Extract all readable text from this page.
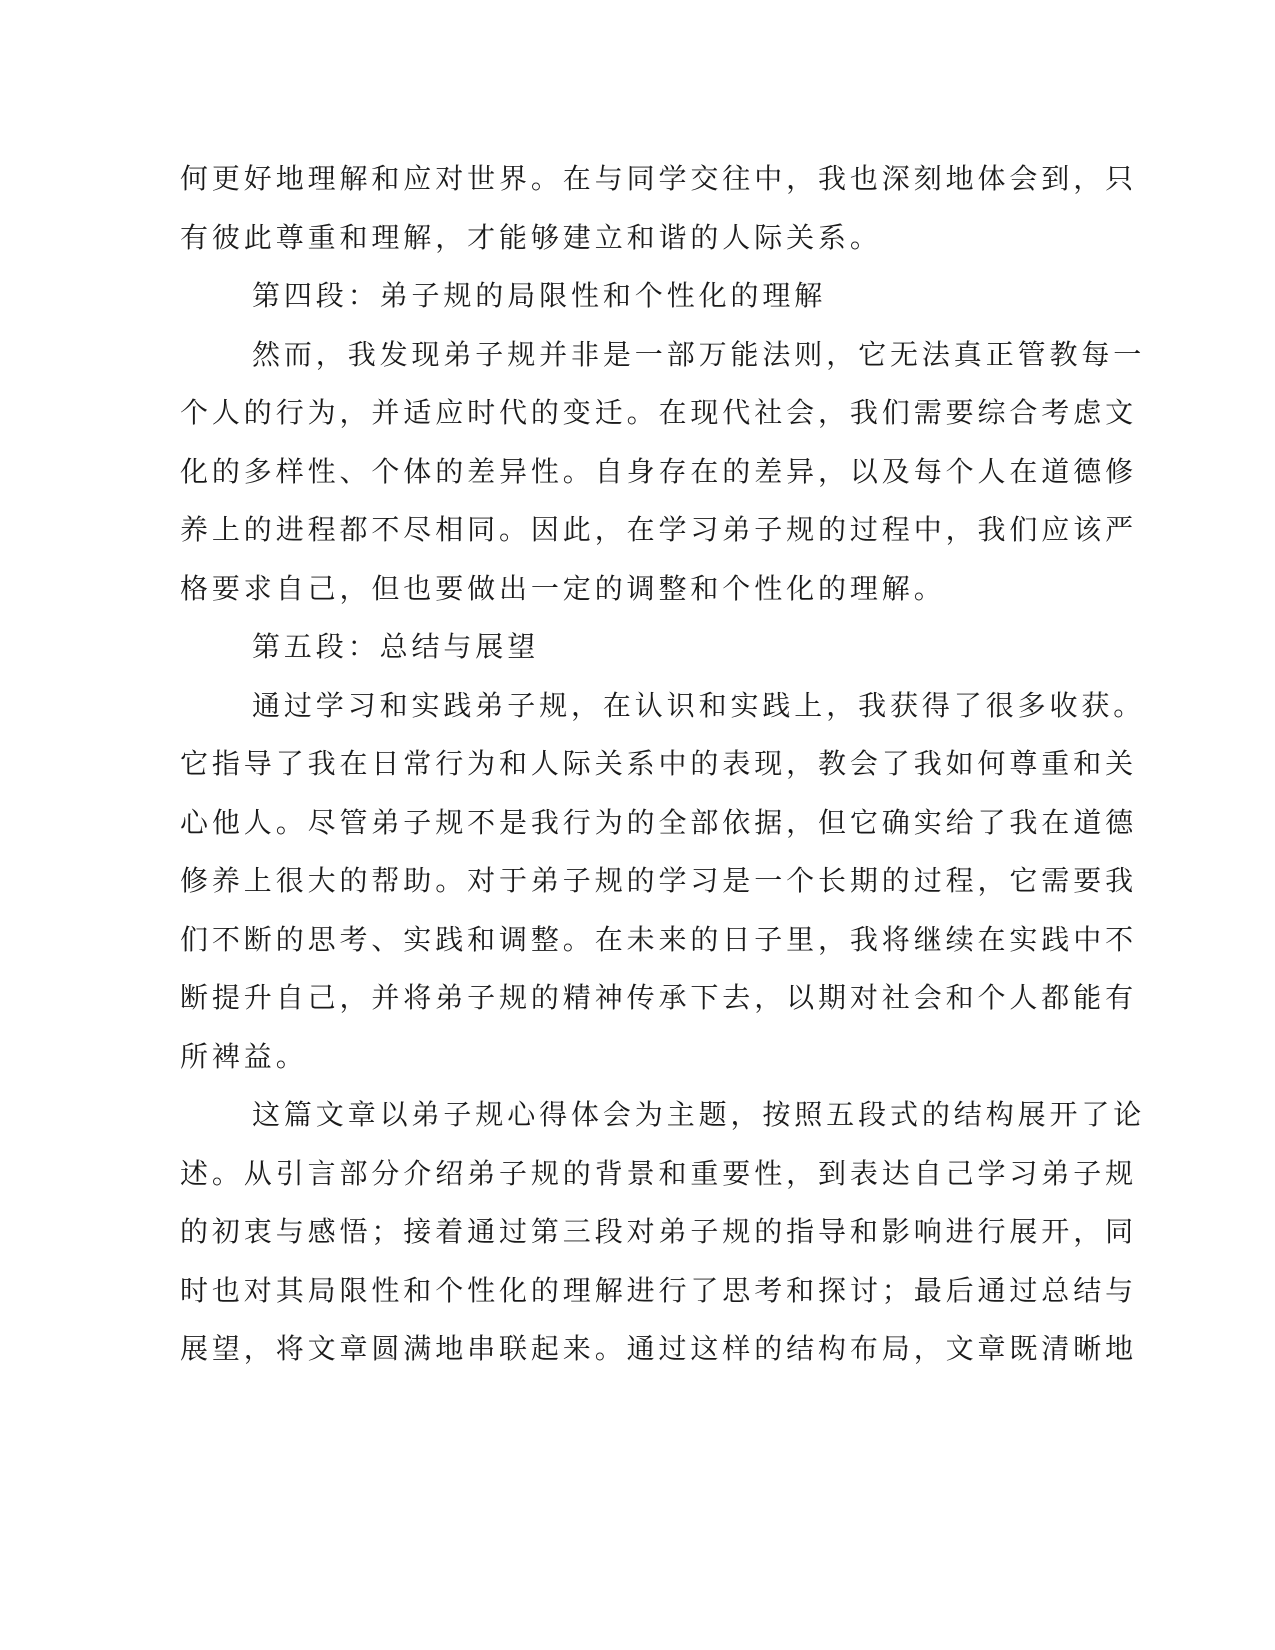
何更好地理解和应对世界。在与同学交往中，我也深刻地体会到，只
有彼此尊重和理解，才能够建立和谐的人际关系。
第四段：弟子规的局限性和个性化的理解
然而，我发现弟子规并非是一部万能法则，它无法真正管教每一
个人的行为，并适应时代的变迁。在现代社会，我们需要综合考虑文
化的多样性、个体的差异性。自身存在的差异，以及每个人在道德修
养上的进程都不尽相同。因此，在学习弟子规的过程中，我们应该严
格要求自己，但也要做出一定的调整和个性化的理解。
第五段：总结与展望
通过学习和实践弟子规，在认识和实践上，我获得了很多收获。
它指导了我在日常行为和人际关系中的表现，教会了我如何尊重和关
心他人。尽管弟子规不是我行为的全部依据，但它确实给了我在道德
修养上很大的帮助。对于弟子规的学习是一个长期的过程，它需要我
们不断的思考、实践和调整。在未来的日子里，我将继续在实践中不
断提升自己，并将弟子规的精神传承下去，以期对社会和个人都能有
所裨益。
这篇文章以弟子规心得体会为主题，按照五段式的结构展开了论
述。从引言部分介绍弟子规的背景和重要性，到表达自己学习弟子规
的初衷与感悟；接着通过第三段对弟子规的指导和影响进行展开，同
时也对其局限性和个性化的理解进行了思考和探讨；最后通过总结与
展望，将文章圆满地串联起来。通过这样的结构布局，文章既清晰地
